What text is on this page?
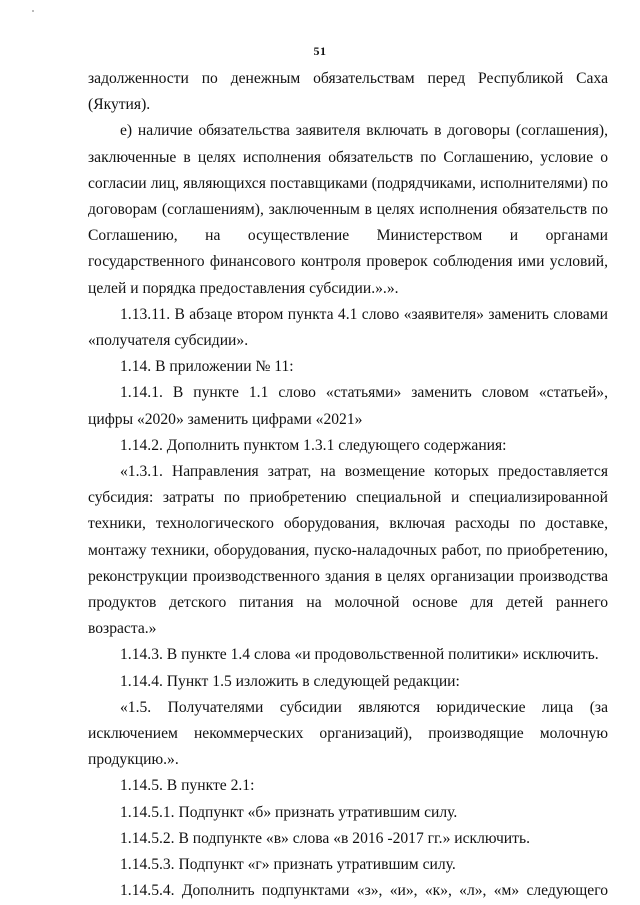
51

задолженности по денежным обязательствам перед Республикой Саха (Якутия).

е) наличие обязательства заявителя включать в договоры (соглашения), заключенные в целях исполнения обязательств по Соглашению, условие о согласии лиц, являющихся поставщиками (подрядчиками, исполнителями) по договорам (соглашениям), заключенным в целях исполнения обязательств по Соглашению, на осуществление Министерством и органами государственного финансового контроля проверок соблюдения ими условий, целей и порядка предоставления субсидии.».».

1.13.11. В абзаце втором пункта 4.1 слово «заявителя» заменить словами «получателя субсидии».

1.14. В приложении № 11:

1.14.1. В пункте 1.1 слово «статьями» заменить словом «статьей», цифры «2020» заменить цифрами «2021»

1.14.2. Дополнить пунктом 1.3.1 следующего содержания:

«1.3.1. Направления затрат, на возмещение которых предоставляется субсидия: затраты по приобретению специальной и специализированной техники, технологического оборудования, включая расходы по доставке, монтажу техники, оборудования, пуско-наладочных работ, по приобретению, реконструкции производственного здания в целях организации производства продуктов детского питания на молочной основе для детей раннего возраста.»

1.14.3. В пункте 1.4 слова «и продовольственной политики» исключить.

1.14.4. Пункт 1.5 изложить в следующей редакции:

«1.5. Получателями субсидии являются юридические лица (за исключением некоммерческих организаций), производящие молочную продукцию.».

1.14.5. В пункте 2.1:

1.14.5.1. Подпункт «б» признать утратившим силу.

1.14.5.2. В подпункте «в» слова «в 2016 -2017 гг.» исключить.

1.14.5.3. Подпункт «г» признать утратившим силу.

1.14.5.4. Дополнить подпунктами «з», «и», «к», «л», «м» следующего
